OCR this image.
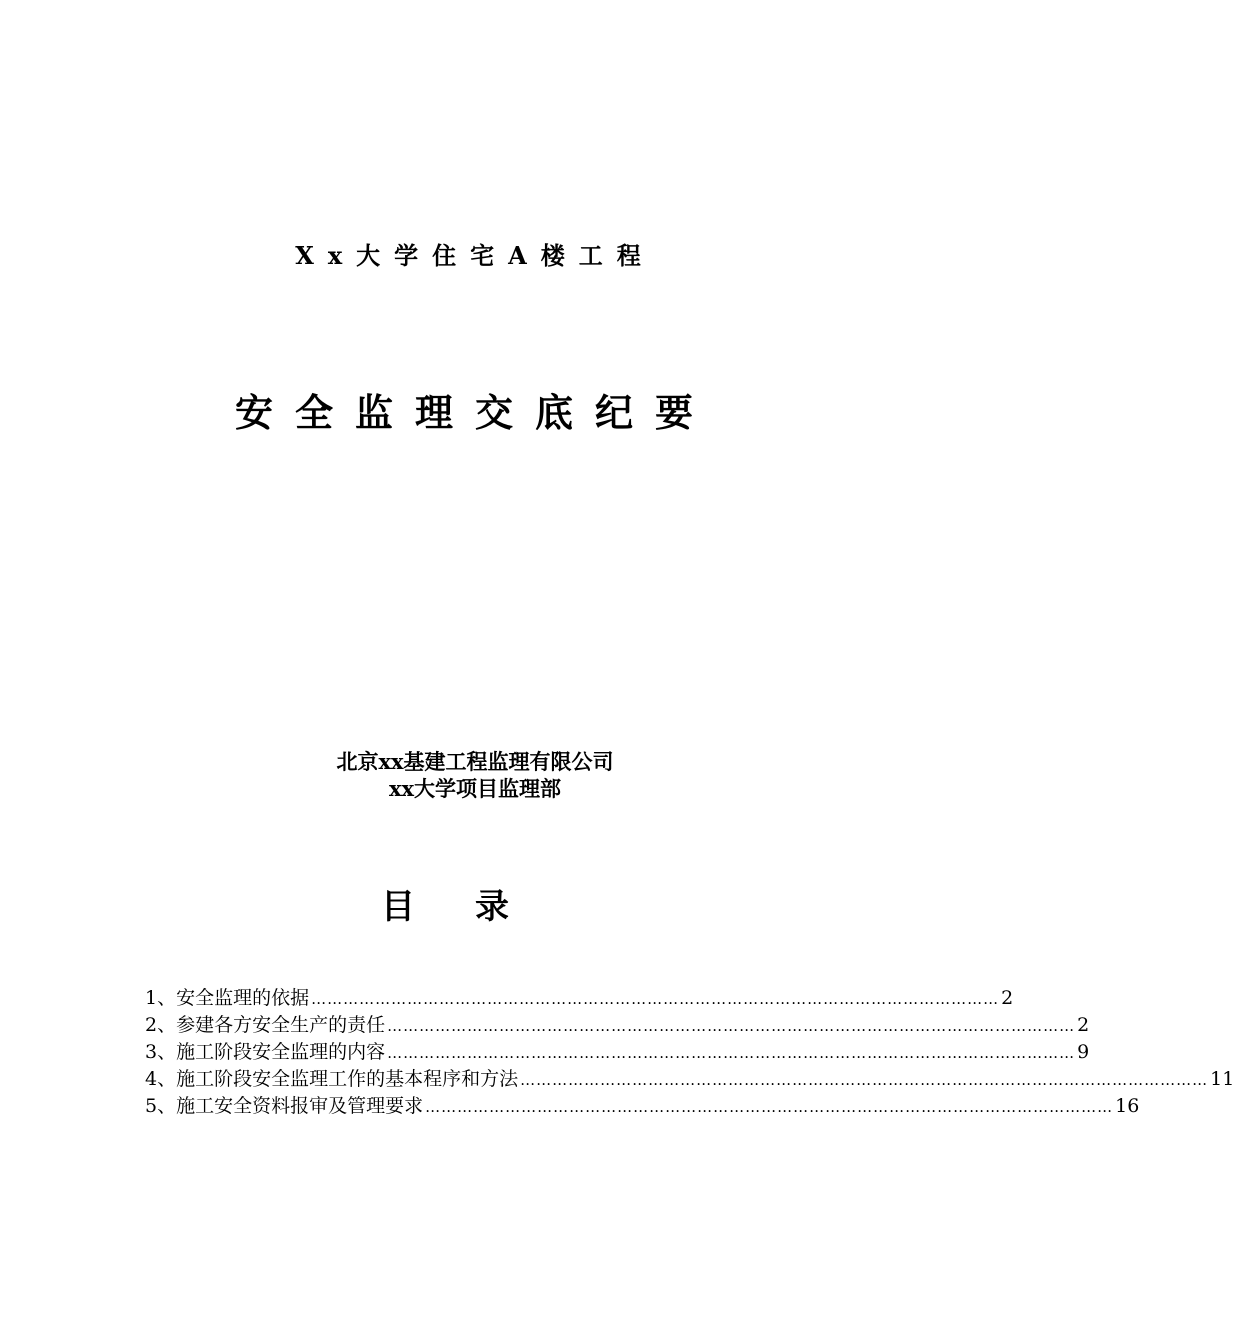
Xx大学住宅A楼工程
安全监理交底纪要
北京xx基建工程监理有限公司
xx大学项目监理部
目录
1、 安全监理的依据 ………………………………………………………………………………………………………………… 2
2、 参建各方安全生产的责任 ………………………………………………………………………………………………………………… 2
3、 施工阶段安全监理的内容 ………………………………………………………………………………………………………………… 9
4、 施工阶段安全监理工作的基本程序和方法 ………………………………………………………………………………………………………………… 11
5、 施工安全资料报审及管理要求 ………………………………………………………………………………………………………………… 16
